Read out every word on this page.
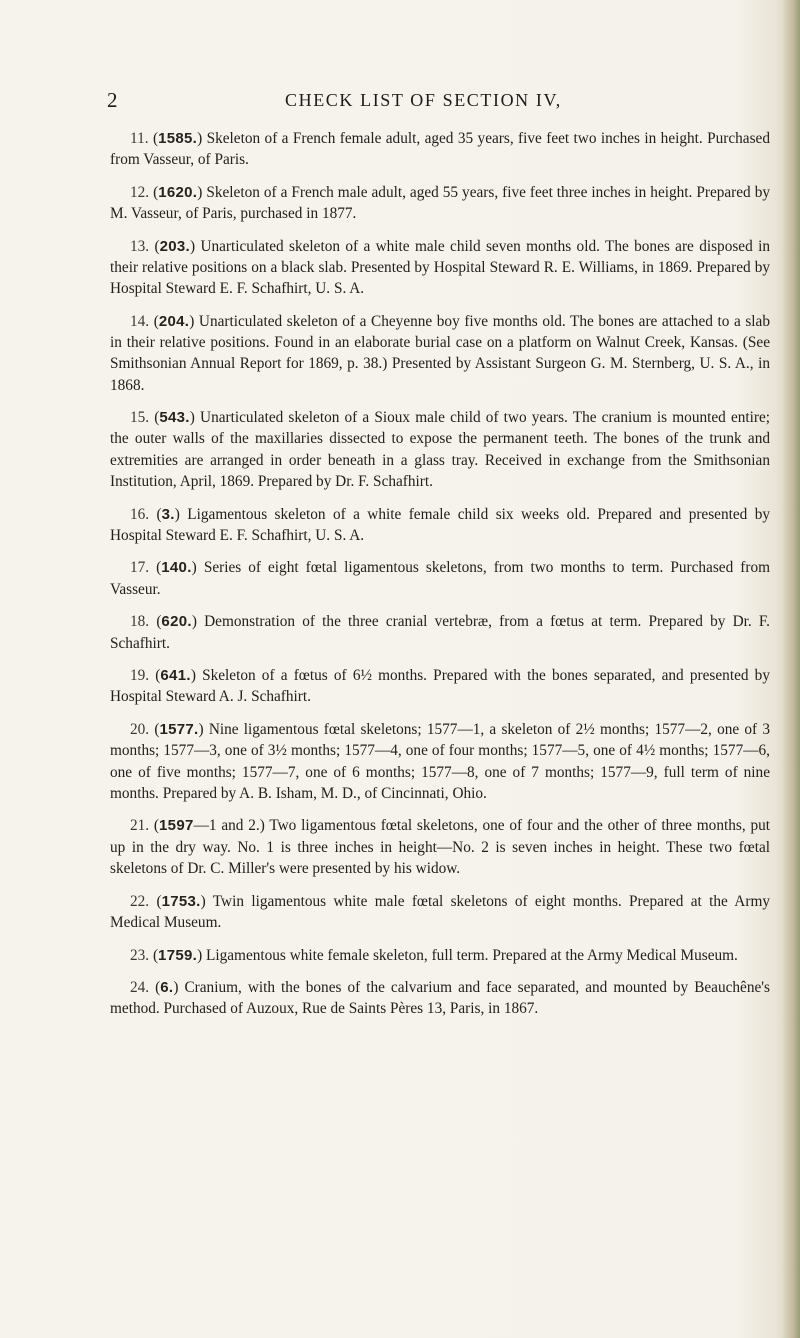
2	CHECK LIST OF SECTION IV,

11. (1585.) Skeleton of a French female adult, aged 35 years, five feet two inches in height. Purchased from Vasseur, of Paris.

12. (1620.) Skeleton of a French male adult, aged 55 years, five feet three inches in height. Prepared by M. Vasseur, of Paris, purchased in 1877.

13. (203.) Unarticulated skeleton of a white male child seven months old. The bones are disposed in their relative positions on a black slab. Presented by Hospital Steward R. E. Williams, in 1869. Prepared by Hospital Steward E. F. Schafhirt, U. S. A.

14. (204.) Unarticulated skeleton of a Cheyenne boy five months old. The bones are attached to a slab in their relative positions. Found in an elaborate burial case on a platform on Walnut Creek, Kansas. (See Smithsonian Annual Report for 1869, p. 38.) Presented by Assistant Surgeon G. M. Sternberg, U. S. A., in 1868.

15. (543.) Unarticulated skeleton of a Sioux male child of two years. The cranium is mounted entire; the outer walls of the maxillaries dissected to expose the permanent teeth. The bones of the trunk and extremities are arranged in order beneath in a glass tray. Received in exchange from the Smithsonian Institution, April, 1869. Prepared by Dr. F. Schafhirt.

16. (3.) Ligamentous skeleton of a white female child six weeks old. Prepared and presented by Hospital Steward E. F. Schafhirt, U. S. A.

17. (140.) Series of eight fœtal ligamentous skeletons, from two months to term. Purchased from Vasseur.

18. (620.) Demonstration of the three cranial vertebræ, from a fœtus at term. Prepared by Dr. F. Schafhirt.

19. (641.) Skeleton of a fœtus of 6½ months. Prepared with the bones separated, and presented by Hospital Steward A. J. Schafhirt.

20. (1577.) Nine ligamentous fœtal skeletons; 1577—1, a skeleton of 2½ months; 1577—2, one of 3 months; 1577—3, one of 3½ months; 1577—4, one of four months; 1577—5, one of 4½ months; 1577—6, one of five months; 1577—7, one of 6 months; 1577—8, one of 7 months; 1577—9, full term of nine months. Prepared by A. B. Isham, M. D., of Cincinnati, Ohio.

21. (1597—1 and 2.) Two ligamentous fœtal skeletons, one of four and the other of three months, put up in the dry way. No. 1 is three inches in height—No. 2 is seven inches in height. These two fœtal skeletons of Dr. C. Miller's were presented by his widow.

22. (1753.) Twin ligamentous white male fœtal skeletons of eight months. Prepared at the Army Medical Museum.

23. (1759.) Ligamentous white female skeleton, full term. Prepared at the Army Medical Museum.

24. (6.) Cranium, with the bones of the calvarium and face separated, and mounted by Beauchêne's method. Purchased of Auzoux, Rue de Saints Pères 13, Paris, in 1867.
